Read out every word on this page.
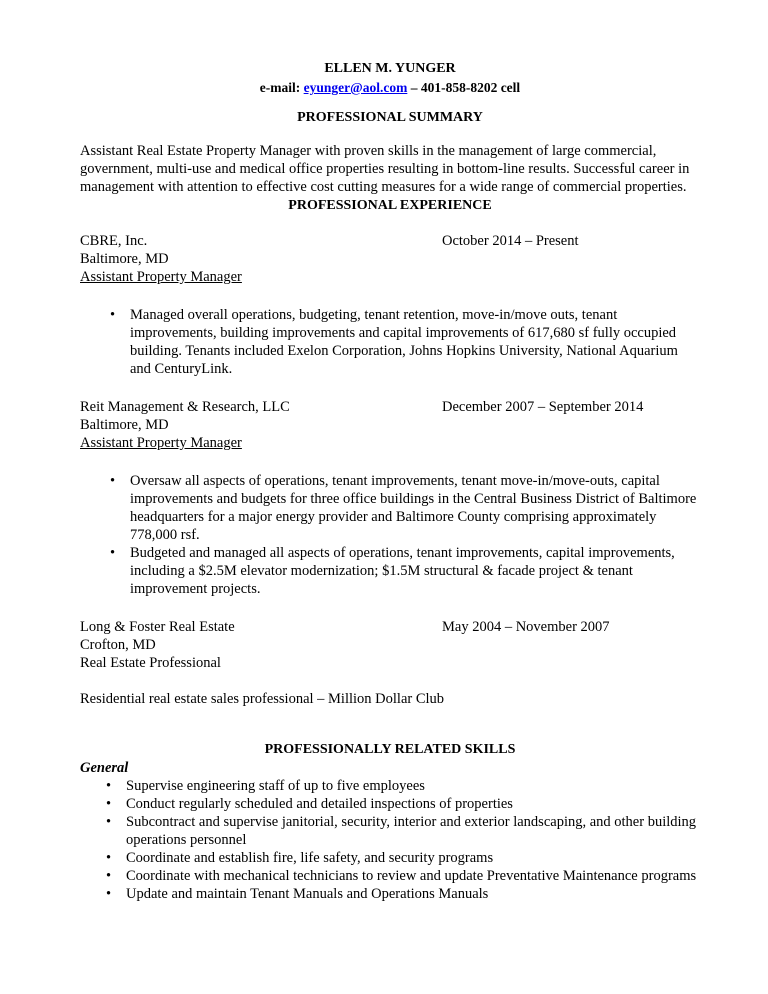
ELLEN M. YUNGER
e-mail: eyunger@aol.com – 401-858-8202 cell
PROFESSIONAL SUMMARY

Assistant Real Estate Property Manager with proven skills in the management of large commercial, government, multi-use and medical office properties resulting in bottom-line results. Successful career in management with attention to effective cost cutting measures for a wide range of commercial properties.

PROFESSIONAL EXPERIENCE
CBRE, Inc.	October 2014 – Present
Baltimore, MD
Assistant Property Manager
• Managed overall operations, budgeting, tenant retention, move-in/move outs, tenant improvements, building improvements and capital improvements of 617,680 sf fully occupied building. Tenants included Exelon Corporation, Johns Hopkins University, National Aquarium and CenturyLink.
Reit Management & Research, LLC	December 2007 – September 2014
Baltimore, MD
Assistant Property Manager
• Oversaw all aspects of operations, tenant improvements, tenant move-in/move-outs, capital improvements and budgets for three office buildings in the Central Business District of Baltimore headquarters for a major energy provider and Baltimore County comprising approximately 778,000 rsf.
• Budgeted and managed all aspects of operations, tenant improvements, capital improvements, including a $2.5M elevator modernization; $1.5M structural & facade project & tenant improvement projects.
Long & Foster Real Estate	May 2004 – November 2007
Crofton, MD
Real Estate Professional
Residential real estate sales professional – Million Dollar Club
PROFESSIONALLY RELATED SKILLS
General
• Supervise engineering staff of up to five employees
• Conduct regularly scheduled and detailed inspections of properties
• Subcontract and supervise janitorial, security, interior and exterior landscaping, and other building operations personnel
• Coordinate and establish fire, life safety, and security programs
• Coordinate with mechanical technicians to review and update Preventative Maintenance programs
• Update and maintain Tenant Manuals and Operations Manuals
